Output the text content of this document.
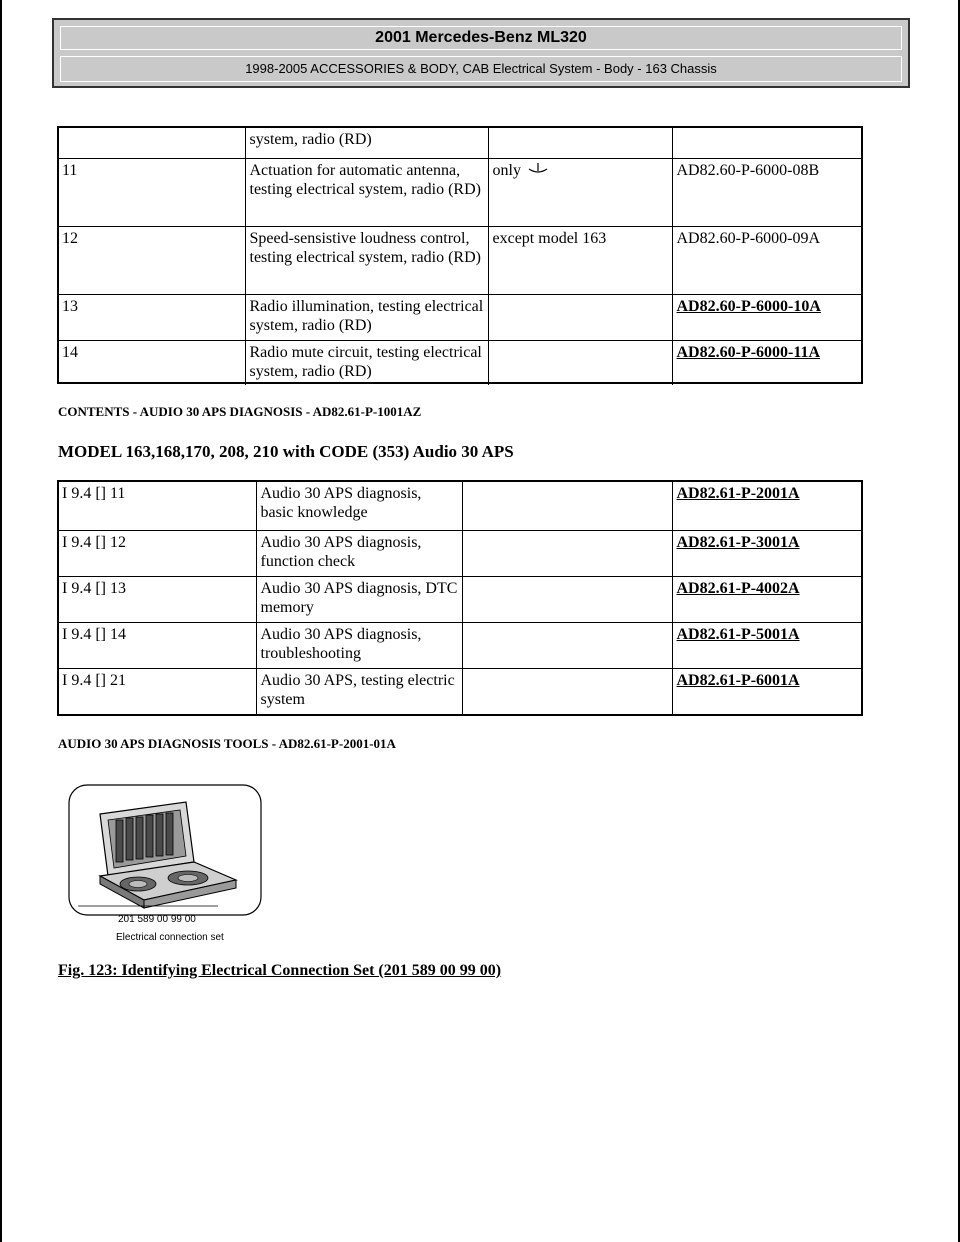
2001 Mercedes-Benz ML320
1998-2005 ACCESSORIES & BODY, CAB Electrical System - Body - 163 Chassis
	system, radio (RD)		
11	Actuation for automatic antenna, testing electrical system, radio (RD)	only	AD82.60-P-6000-08B
12	Speed-sensistive loudness control, testing electrical system, radio (RD)	except model 163	AD82.60-P-6000-09A
13	Radio illumination, testing electrical system, radio (RD)		AD82.60-P-6000-10A
14	Radio mute circuit, testing electrical system, radio (RD)		AD82.60-P-6000-11A
CONTENTS - AUDIO 30 APS DIAGNOSIS - AD82.61-P-1001AZ
MODEL 163,168,170, 208, 210 with CODE (353) Audio 30 APS
I 9.4 [] 11	Audio 30 APS diagnosis, basic knowledge		AD82.61-P-2001A
I 9.4 [] 12	Audio 30 APS diagnosis, function check		AD82.61-P-3001A
I 9.4 [] 13	Audio 30 APS diagnosis, DTC memory		AD82.61-P-4002A
I 9.4 [] 14	Audio 30 APS diagnosis, troubleshooting		AD82.61-P-5001A
I 9.4 [] 21	Audio 30 APS, testing electric system		AD82.61-P-6001A
AUDIO 30 APS DIAGNOSIS TOOLS - AD82.61-P-2001-01A
201 589 00 99 00
Electrical connection set
Fig. 123: Identifying Electrical Connection Set (201 589 00 99 00)
